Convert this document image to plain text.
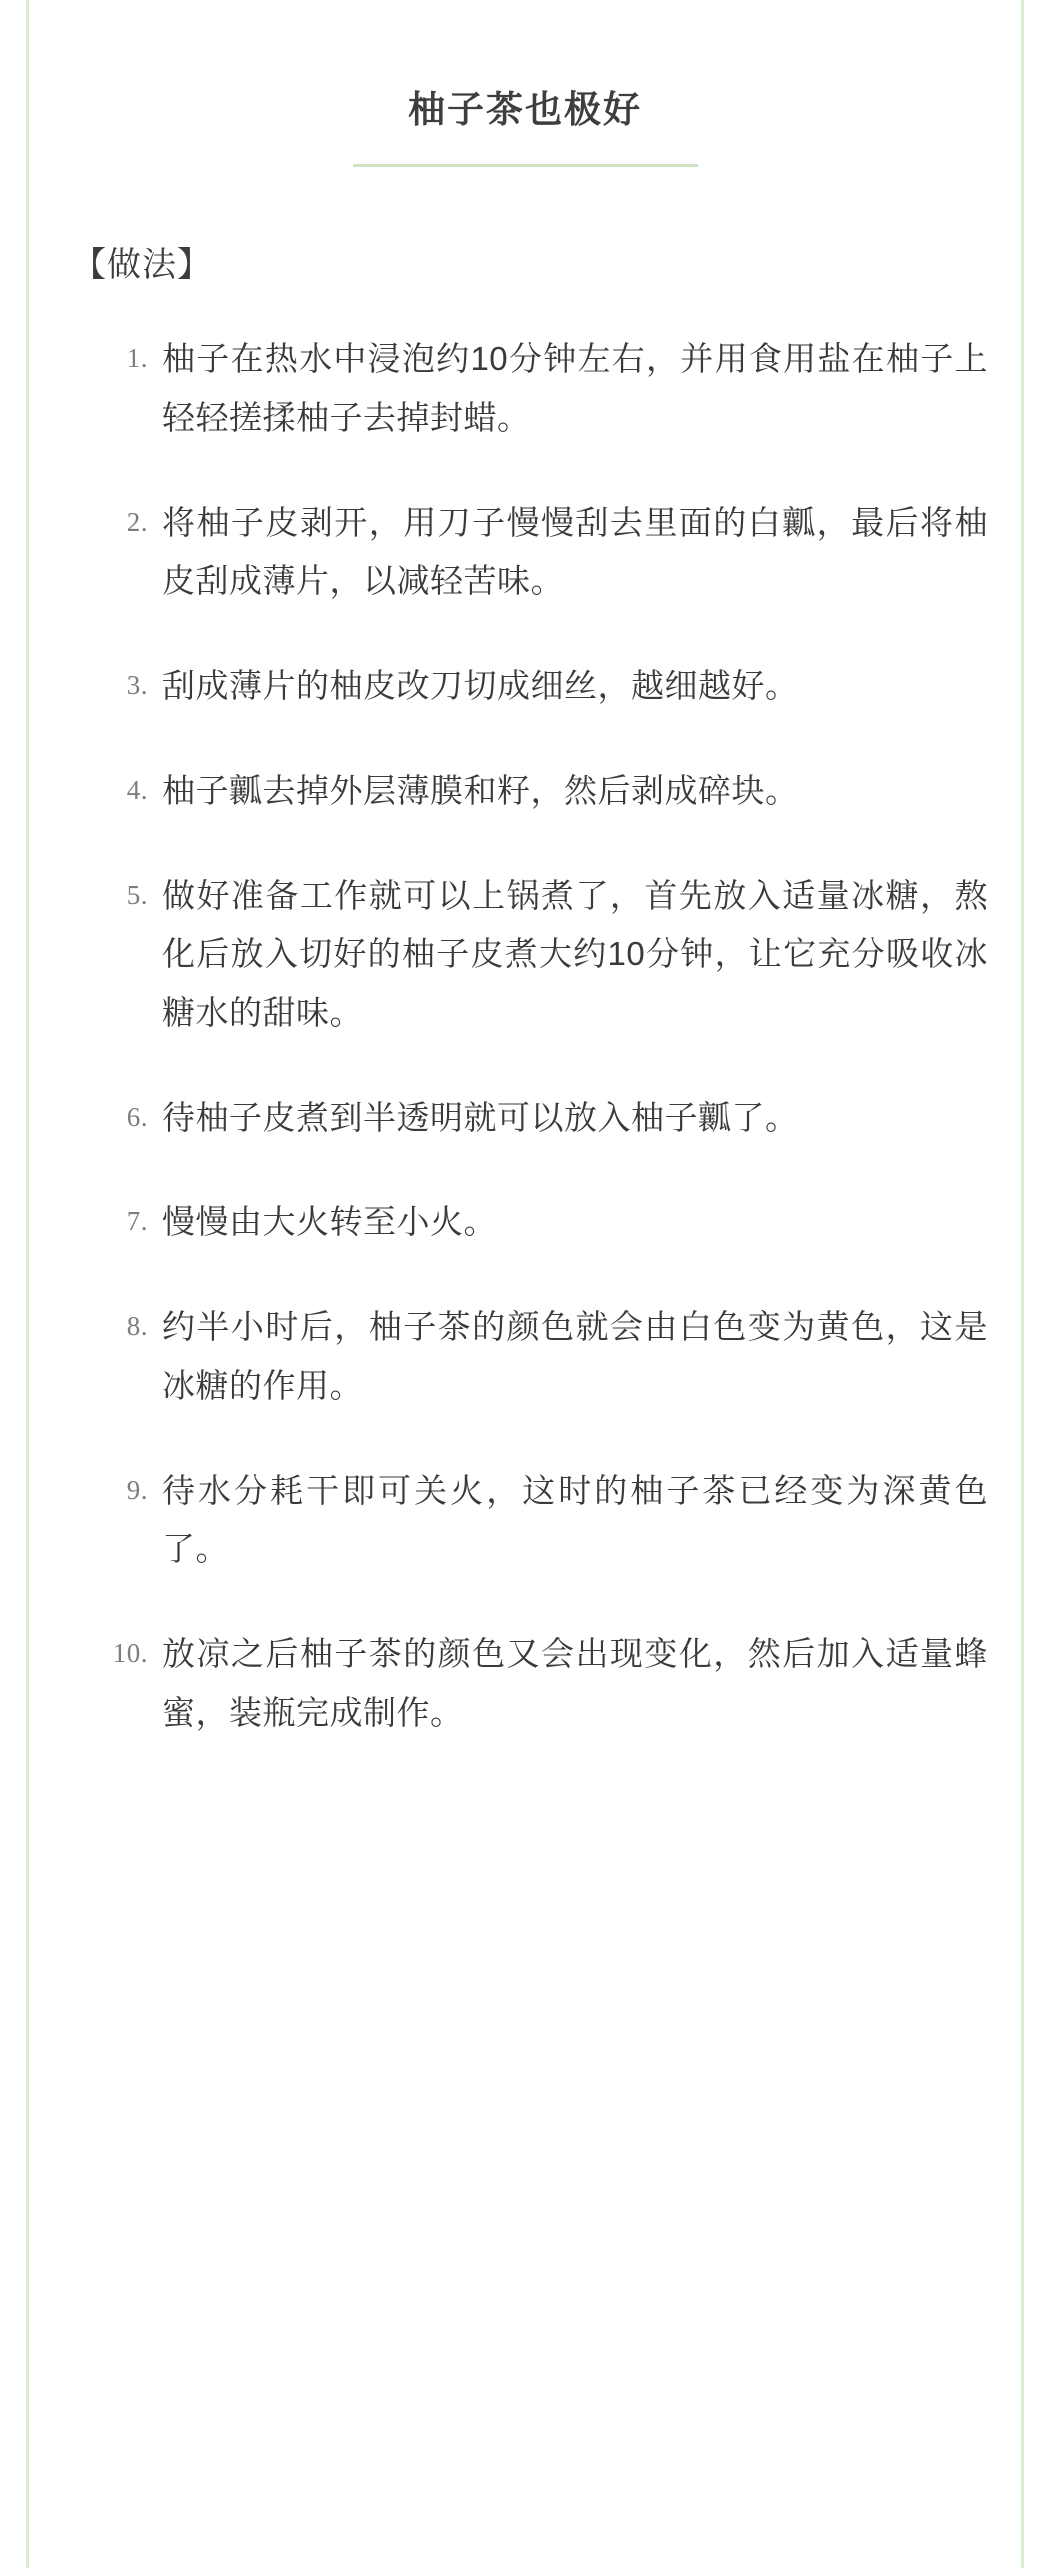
柚子茶也极好
【做法】
柚子在热水中浸泡约10分钟左右，并用食用盐在柚子上轻轻搓揉柚子去掉封蜡。
将柚子皮剥开，用刀子慢慢刮去里面的白瓤，最后将柚皮刮成薄片，以减轻苦味。
刮成薄片的柚皮改刀切成细丝，越细越好。
柚子瓤去掉外层薄膜和籽，然后剥成碎块。
做好准备工作就可以上锅煮了，首先放入适量冰糖，熬化后放入切好的柚子皮煮大约10分钟，让它充分吸收冰糖水的甜味。
待柚子皮煮到半透明就可以放入柚子瓤了。
慢慢由大火转至小火。
约半小时后，柚子茶的颜色就会由白色变为黄色，这是冰糖的作用。
待水分耗干即可关火，这时的柚子茶已经变为深黄色了。
放凉之后柚子茶的颜色又会出现变化，然后加入适量蜂蜜，装瓶完成制作。
